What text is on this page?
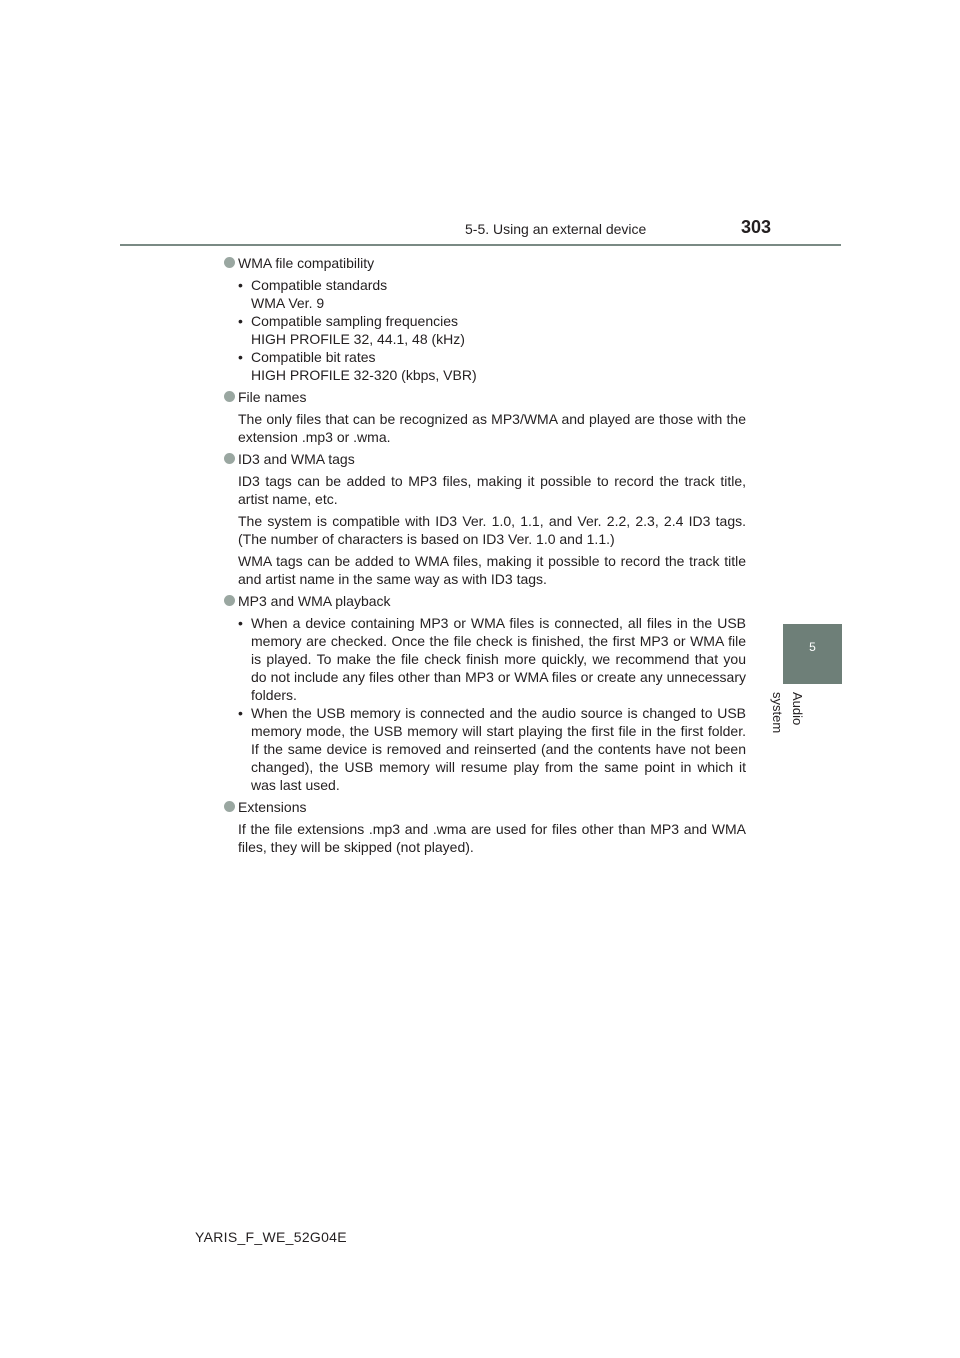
5-5. Using an external device	303
5
Audio system

WMA file compatibility

• Compatible standards
WMA Ver. 9
• Compatible sampling frequencies
HIGH PROFILE 32, 44.1, 48 (kHz)
• Compatible bit rates
HIGH PROFILE 32-320 (kbps, VBR)

File names

The only files that can be recognized as MP3/WMA and played are those with the extension .mp3 or .wma.

ID3 and WMA tags

ID3 tags can be added to MP3 files, making it possible to record the track title, artist name, etc.

The system is compatible with ID3 Ver. 1.0, 1.1, and Ver. 2.2, 2.3, 2.4 ID3 tags. (The number of characters is based on ID3 Ver. 1.0 and 1.1.)

WMA tags can be added to WMA files, making it possible to record the track title and artist name in the same way as with ID3 tags.

MP3 and WMA playback

• When a device containing MP3 or WMA files is connected, all files in the USB memory are checked. Once the file check is finished, the first MP3 or WMA file is played. To make the file check finish more quickly, we recommend that you do not include any files other than MP3 or WMA files or create any unnecessary folders.
• When the USB memory is connected and the audio source is changed to USB memory mode, the USB memory will start playing the first file in the first folder. If the same device is removed and reinserted (and the contents have not been changed), the USB memory will resume play from the same point in which it was last used.

Extensions

If the file extensions .mp3 and .wma are used for files other than MP3 and WMA files, they will be skipped (not played).

YARIS_F_WE_52G04E
